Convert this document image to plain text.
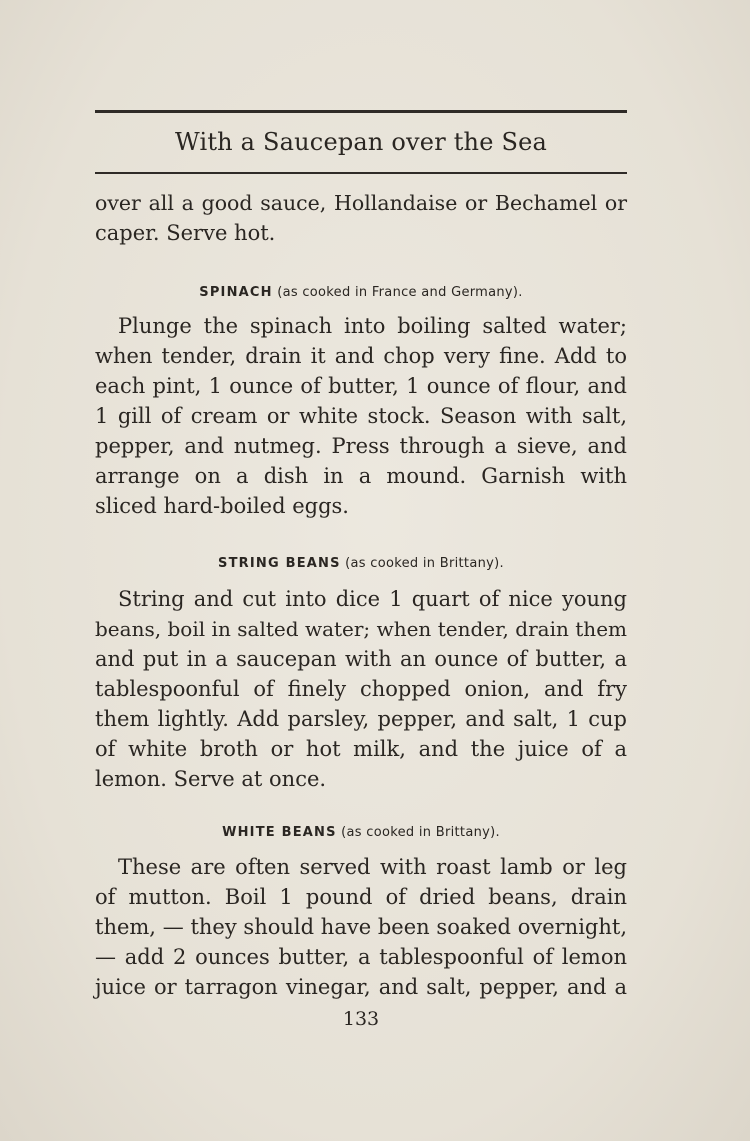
With a Saucepan over the Sea
over all a good sauce, Hollandaise or Bechamel or
caper. Serve hot.
SPINACH (as cooked in France and Germany).
Plunge the spinach into boiling salted water;
when tender, drain it and chop very fine. Add to
each pint, 1 ounce of butter, 1 ounce of flour, and
1 gill of cream or white stock. Season with salt,
pepper, and nutmeg. Press through a sieve, and
arrange on a dish in a mound. Garnish with
sliced hard-boiled eggs.
STRING BEANS (as cooked in Brittany).
String and cut into dice 1 quart of nice young
beans, boil in salted water; when tender, drain them
and put in a saucepan with an ounce of butter, a
tablespoonful of finely chopped onion, and fry
them lightly. Add parsley, pepper, and salt, 1 cup
of white broth or hot milk, and the juice of a
lemon. Serve at once.
WHITE BEANS (as cooked in Brittany).
These are often served with roast lamb or leg
of mutton. Boil 1 pound of dried beans, drain
them, — they should have been soaked overnight,
— add 2 ounces butter, a tablespoonful of lemon
juice or tarragon vinegar, and salt, pepper, and a
133
